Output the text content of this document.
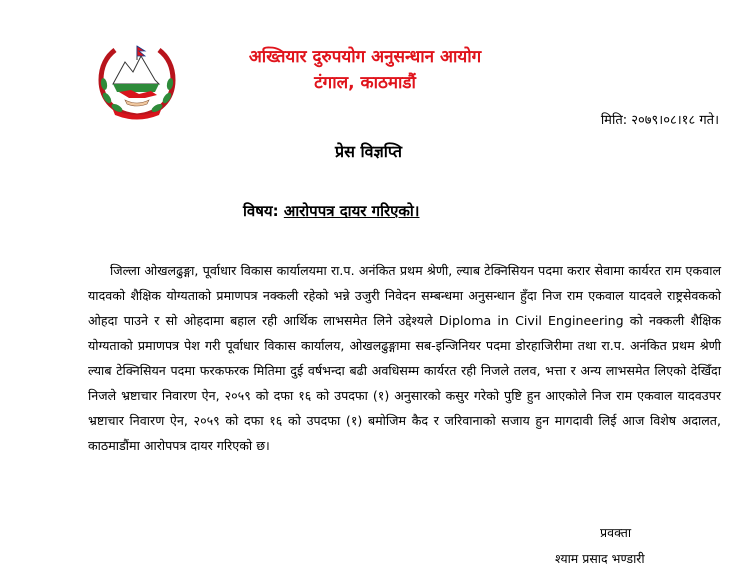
अख्तियार दुरुपयोग अनुसन्धान आयोग
टंगाल, काठमाडौं
मिति: २०७९।०८।१८ गते।
प्रेस विज्ञप्ति
विषय: आरोपपत्र दायर गरिएको।

जिल्ला ओखलढुङ्गा, पूर्वाधार विकास कार्यालयमा रा.प. अनंकित प्रथम श्रेणी, ल्याब टेक्निसियन पदमा करार सेवामा कार्यरत राम एकवाल यादवको शैक्षिक योग्यताको प्रमाणपत्र नक्कली रहेको भन्ने उजुरी निवेदन सम्बन्धमा अनुसन्धान हुँदा निज राम एकवाल यादवले राष्ट्रसेवकको ओहदा पाउने र सो ओहदामा बहाल रही आर्थिक लाभसमेत लिने उद्देश्यले Diploma in Civil Engineering को नक्कली शैक्षिक योग्यताको प्रमाणपत्र पेश गरी पूर्वाधार विकास कार्यालय, ओखलढुङ्गामा सब-इन्जिनियर पदमा डोरहाजिरीमा तथा रा.प. अनंकित प्रथम श्रेणी ल्याब टेक्निसियन पदमा फरकफरक मितिमा दुई वर्षभन्दा बढी अवधिसम्म कार्यरत रही निजले तलव, भत्ता र अन्य लाभसमेत लिएको देखिँदा निजले भ्रष्टाचार निवारण ऐन, २०५९ को दफा १६ को उपदफा (१) अनुसारको कसुर गरेको पुष्टि हुन आएकोले निज राम एकवाल यादवउपर भ्रष्टाचार निवारण ऐन, २०५९ को दफा १६ को उपदफा (१) बमोजिम कैद र जरिवानाको सजाय हुन मागदावी लिई आज विशेष अदालत, काठमाडौंमा आरोपपत्र दायर गरिएको छ।

प्रवक्ता
श्याम प्रसाद भण्डारी
